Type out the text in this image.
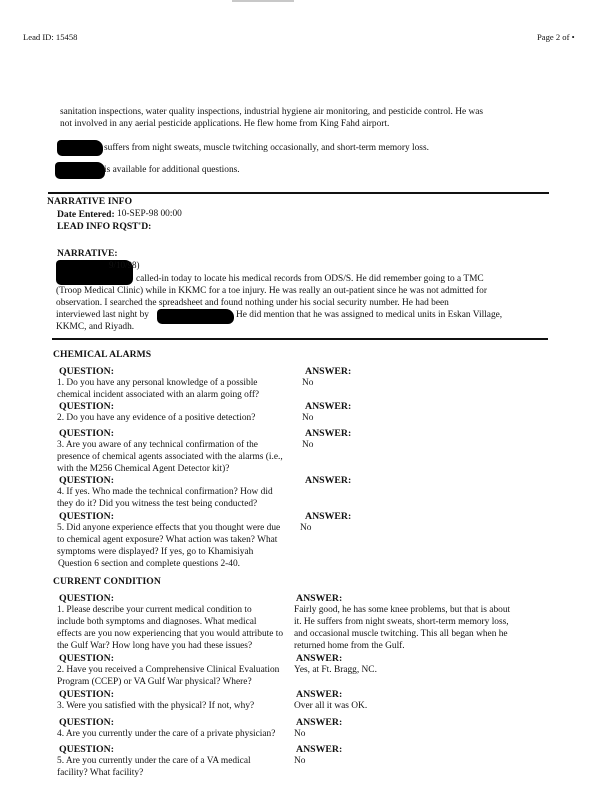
Lead ID: 15458	Page 2 of •
sanitation inspections, water quality inspections, industrial hygiene air monitoring, and pesticide control. He was
not involved in any aerial pesticide applications. He flew home from King Fahd airport.
suffers from night sweats, muscle twitching occasionally, and short-term memory loss.
is available for additional questions.
NARRATIVE INFO
Date Entered: 10-SEP-98 00:00
LEAD INFO RQST'D:
NARRATIVE:
9/10/98)
called-in today to locate his medical records from ODS/S. He did remember going to a TMC
(Troop Medical Clinic) while in KKMC for a toe injury. He was really an out-patient since he was not admitted for
observation. I searched the spreadsheet and found nothing under his social security number. He had been
interviewed last night by	He did mention that he was assigned to medical units in Eskan Village,
KKMC, and Riyadh.
CHEMICAL ALARMS
QUESTION:	ANSWER:
1. Do you have any personal knowledge of a possible
chemical incident associated with an alarm going off?
No
QUESTION:	ANSWER:
2. Do you have any evidence of a positive detection?	No
QUESTION:	ANSWER:
3. Are you aware of any technical confirmation of the
presence of chemical agents associated with the alarms (i.e.,
with the M256 Chemical Agent Detector kit)?
No
QUESTION:	ANSWER:
4. If yes. Who made the technical confirmation? How did
they do it? Did you witness the test being conducted?
QUESTION:	ANSWER:
5. Did anyone experience effects that you thought were due
to chemical agent exposure? What action was taken? What
symptoms were displayed? If yes, go to Khamisiyah
Question 6 section and complete questions 2-40.
No
CURRENT CONDITION
QUESTION:	ANSWER:
1. Please describe your current medical condition to
include both symptoms and diagnoses. What medical
effects are you now experiencing that you would attribute to
the Gulf War? How long have you had these issues?
Fairly good, he has some knee problems, but that is about
it. He suffers from night sweats, short-term memory loss,
and occasional muscle twitching. This all began when he
returned home from the Gulf.
QUESTION:	ANSWER:
2. Have you received a Comprehensive Clinical Evaluation
Program (CCEP) or VA Gulf War physical? Where?
Yes, at Ft. Bragg, NC.
QUESTION:	ANSWER:
3. Were you satisfied with the physical? If not, why?	Over all it was OK.
QUESTION:	ANSWER:
4. Are you currently under the care of a private physician?	No
QUESTION:	ANSWER:
5. Are you currently under the care of a VA medical
facility? What facility?
No
